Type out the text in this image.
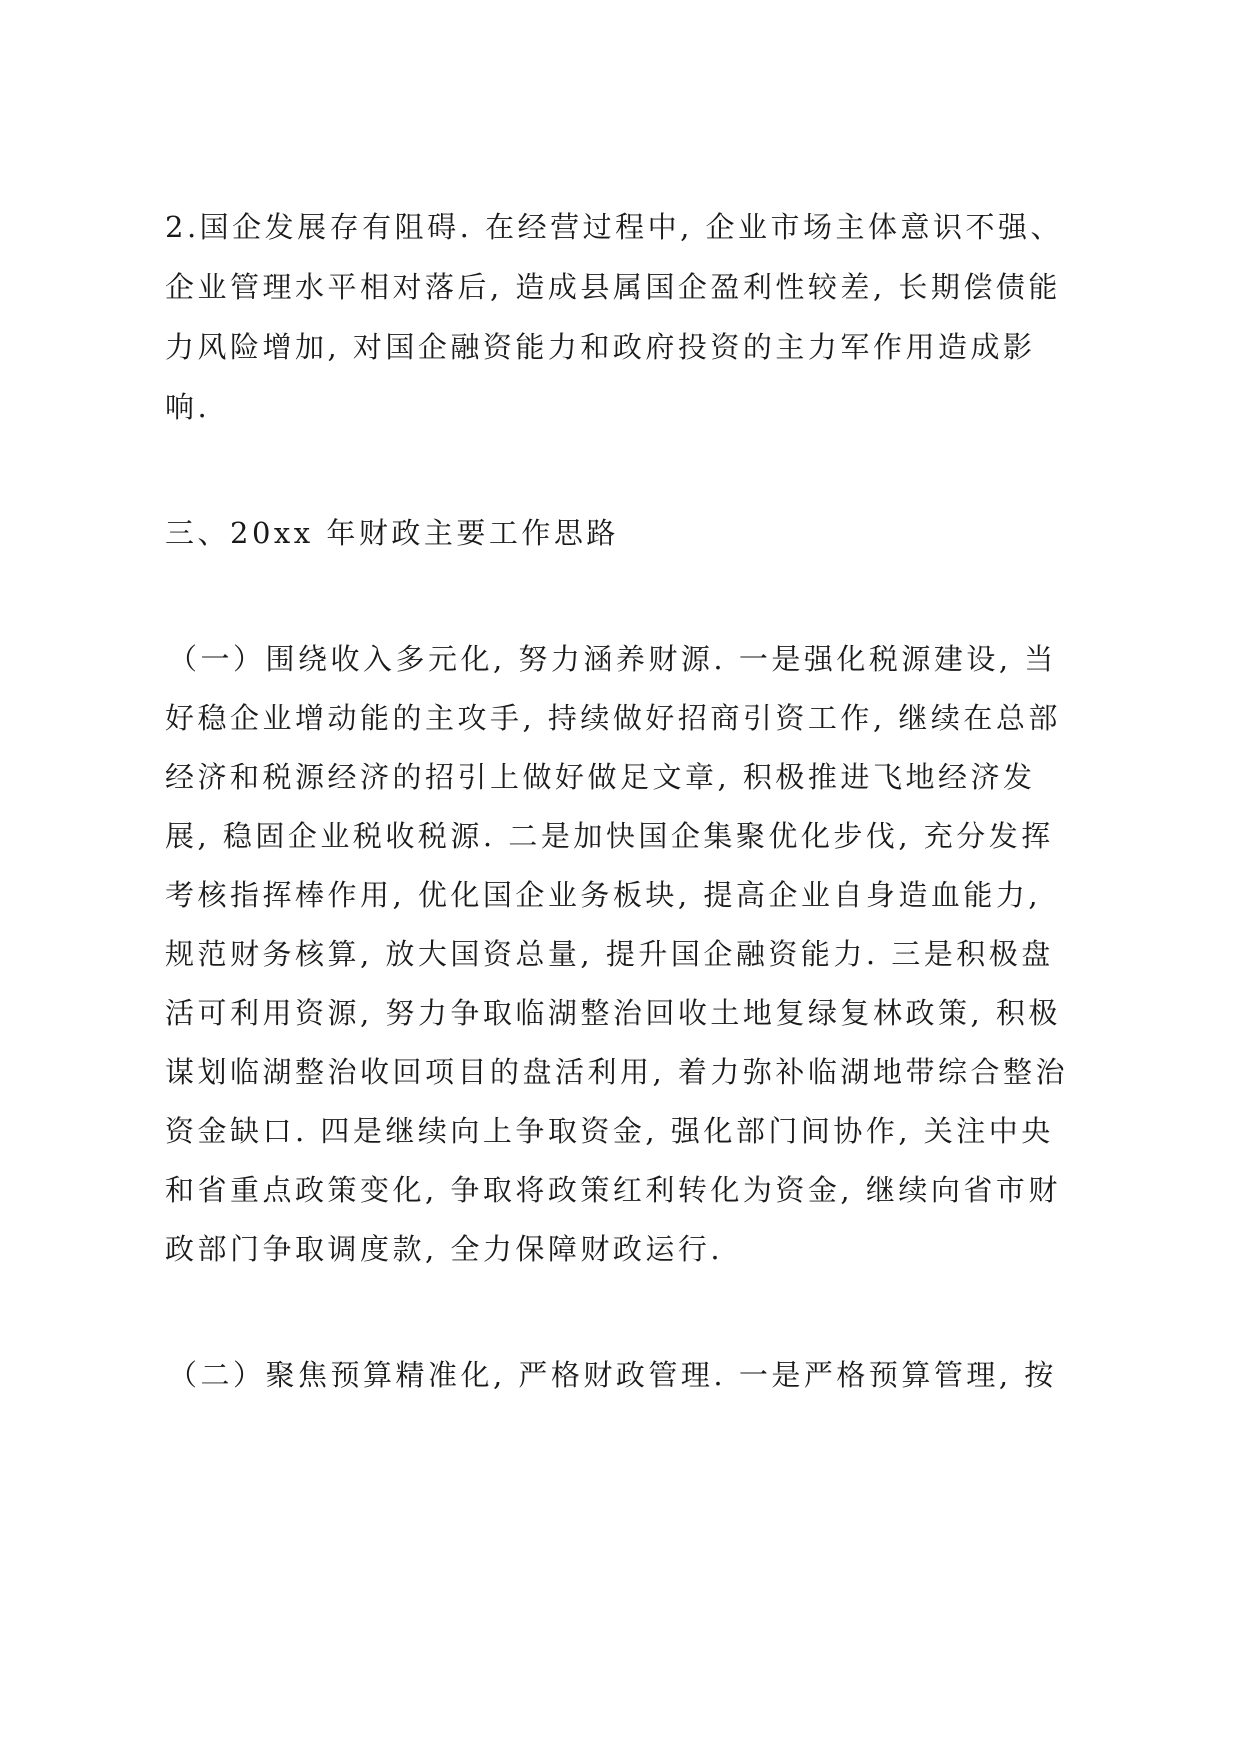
2.国企发展存有阻碍. 在经营过程中, 企业市场主体意识不强、
企业管理水平相对落后, 造成县属国企盈利性较差, 长期偿债能
力风险增加, 对国企融资能力和政府投资的主力军作用造成影
响.
三、20xx 年财政主要工作思路
（一）围绕收入多元化, 努力涵养财源. 一是强化税源建设, 当
好稳企业增动能的主攻手, 持续做好招商引资工作, 继续在总部
经济和税源经济的招引上做好做足文章, 积极推进飞地经济发
展, 稳固企业税收税源. 二是加快国企集聚优化步伐, 充分发挥
考核指挥棒作用, 优化国企业务板块, 提高企业自身造血能力,
规范财务核算, 放大国资总量, 提升国企融资能力. 三是积极盘
活可利用资源, 努力争取临湖整治回收土地复绿复林政策, 积极
谋划临湖整治收回项目的盘活利用, 着力弥补临湖地带综合整治
资金缺口. 四是继续向上争取资金, 强化部门间协作, 关注中央
和省重点政策变化, 争取将政策红利转化为资金, 继续向省市财
政部门争取调度款, 全力保障财政运行.
（二）聚焦预算精准化, 严格财政管理. 一是严格预算管理, 按
